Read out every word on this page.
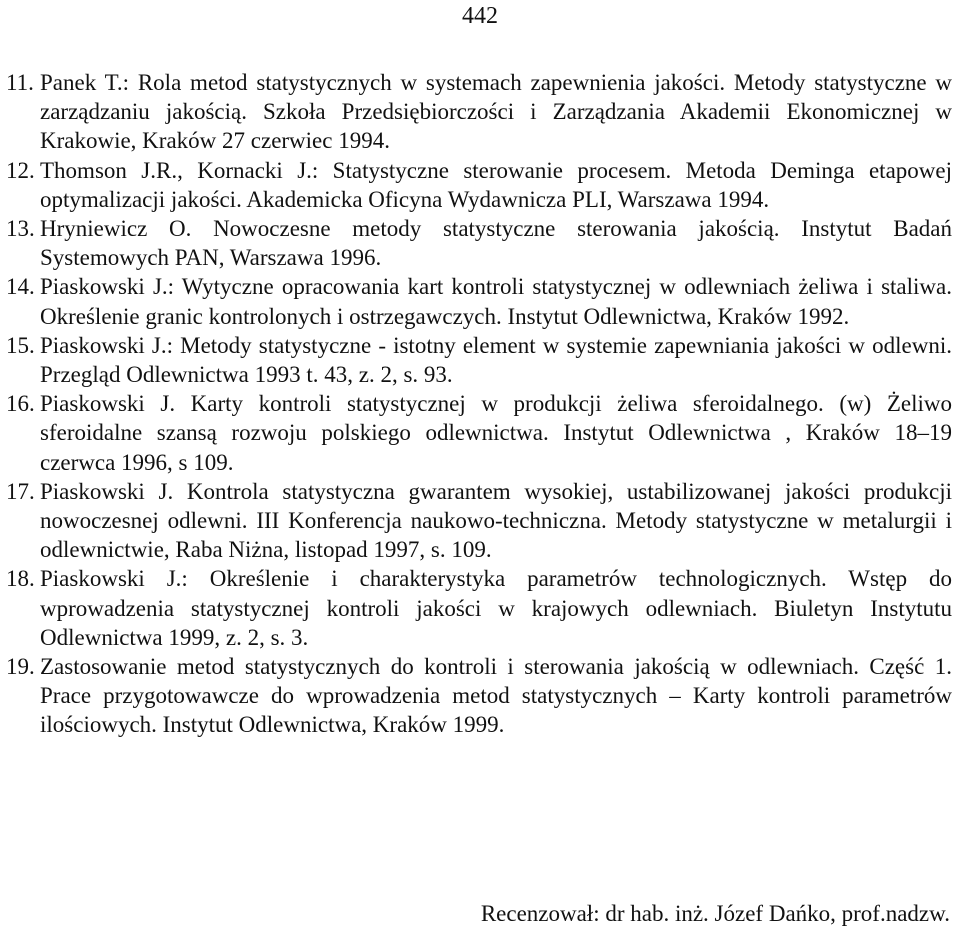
442
11. Panek T.: Rola metod statystycznych w systemach zapewnienia jakości. Metody statystyczne w zarządzaniu jakością. Szkoła Przedsiębiorczości i Zarządzania Akademii Ekonomicznej w Krakowie, Kraków 27 czerwiec 1994.
12. Thomson J.R., Kornacki J.: Statystyczne sterowanie procesem. Metoda Deminga etapowej optymalizacji jakości. Akademicka Oficyna Wydawnicza PLI, Warszawa 1994.
13. Hryniewicz O. Nowoczesne metody statystyczne sterowania jakością. Instytut Badań Systemowych PAN, Warszawa 1996.
14. Piaskowski J.: Wytyczne opracowania kart kontroli statystycznej w odlewniach żeliwa i staliwa. Określenie granic kontrolonych i ostrzegawczych. Instytut Odlewnictwa, Kraków 1992.
15. Piaskowski J.: Metody statystyczne - istotny element w systemie zapewniania jakości w odlewni. Przegląd Odlewnictwa 1993 t. 43, z. 2, s. 93.
16. Piaskowski J. Karty kontroli statystycznej w produkcji żeliwa sferoidalnego. (w) Żeliwo sferoidalne szansą rozwoju polskiego odlewnictwa. Instytut Odlewnictwa , Kraków 18–19 czerwca 1996, s 109.
17. Piaskowski J. Kontrola statystyczna gwarantem wysokiej, ustabilizowanej jakości produkcji nowoczesnej odlewni. III Konferencja naukowo-techniczna. Metody statystyczne w metalurgii i odlewnictwie, Raba Niżna, listopad 1997, s. 109.
18. Piaskowski J.: Określenie i charakterystyka parametrów technologicznych. Wstęp do wprowadzenia statystycznej kontroli jakości w krajowych odlewniach. Biuletyn Instytutu Odlewnictwa 1999, z. 2, s. 3.
19. Zastosowanie metod statystycznych do kontroli i sterowania jakością w odlewniach. Część 1. Prace przygotowawcze do wprowadzenia metod statystycznych – Karty kontroli parametrów ilościowych. Instytut Odlewnictwa, Kraków 1999.
Recenzował: dr hab. inż. Józef Dańko, prof.nadzw.
